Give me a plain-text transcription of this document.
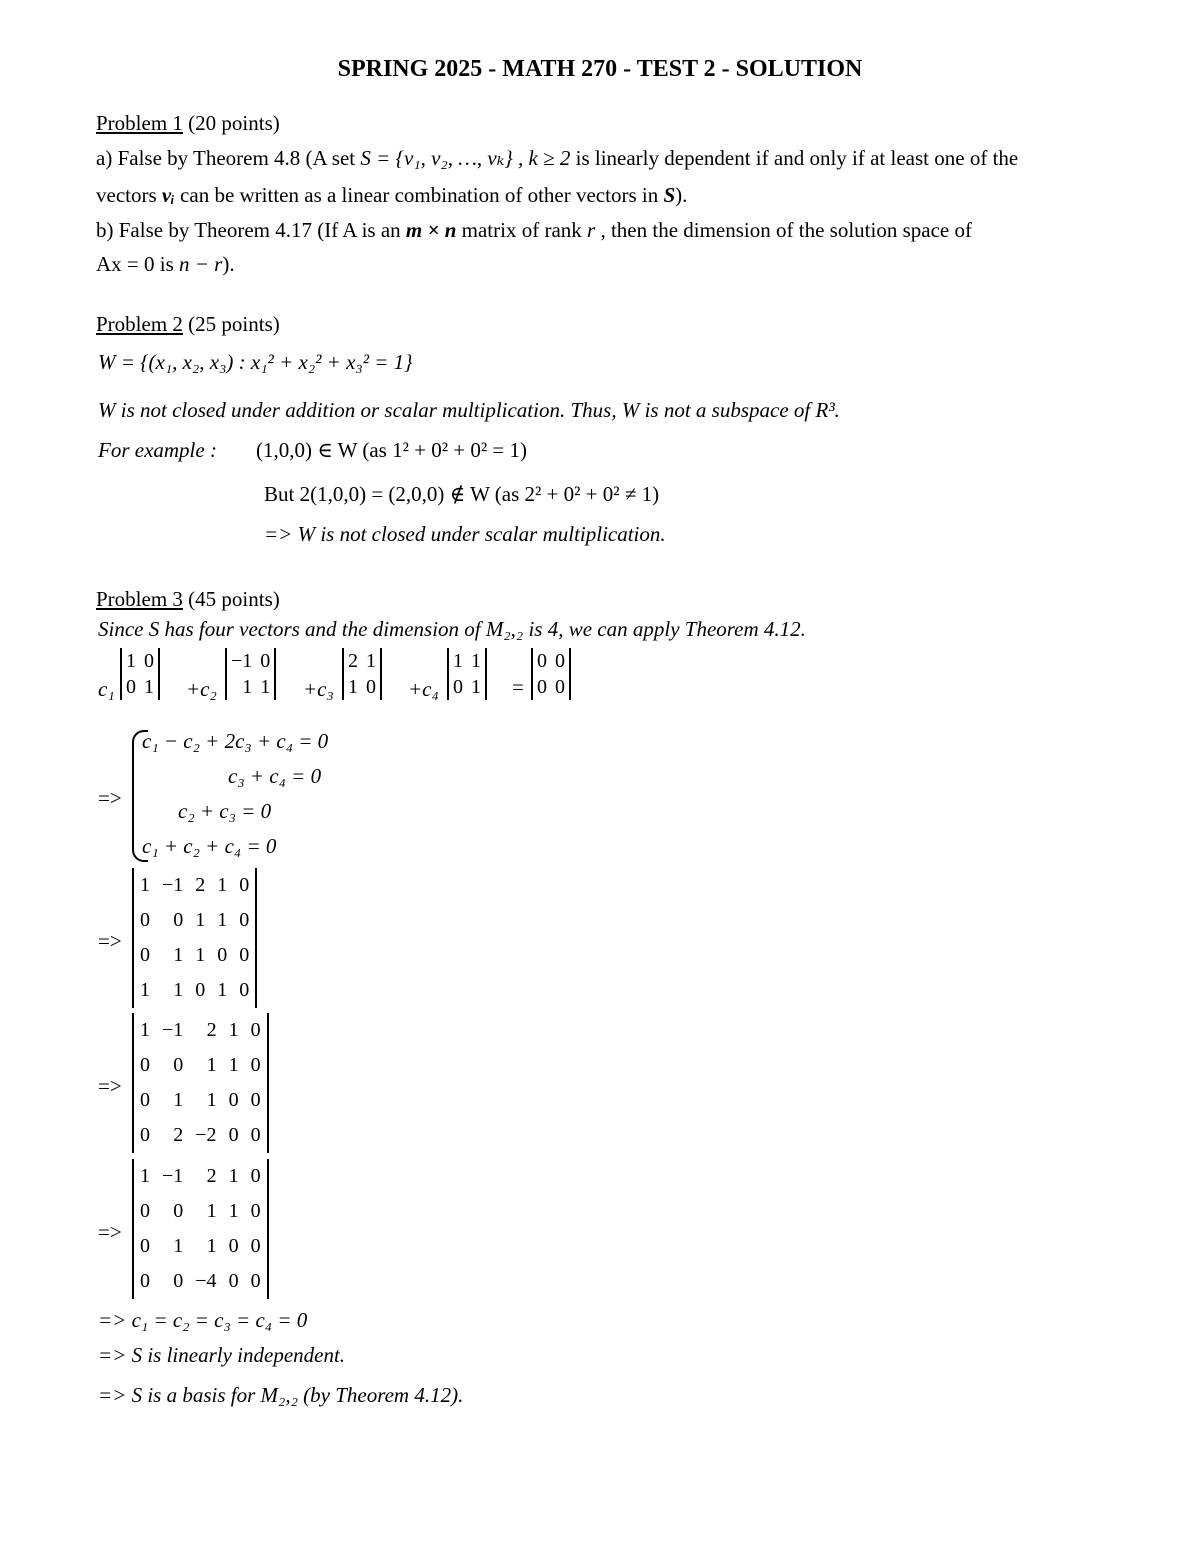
SPRING 2025 - MATH 270 - TEST 2 - SOLUTION
Problem 1 (20 points)
a) False by Theorem 4.8 (A set S = {v₁, v₂, …, vₖ} , k ≥ 2 is linearly dependent if and only if at least one of the
vectors vᵢ can be written as a linear combination of other vectors in S).
b) False by Theorem 4.17 (If A is an m × n matrix of rank r , then the dimension of the solution space of
Ax = 0 is n − r).
Problem 2 (25 points)
W = {(x₁, x₂, x₃) : x₁² + x₂² + x₃² = 1}
W is not closed under addition or scalar multiplication. Thus, W is not a subspace of R³.
For example : (1,0,0) ∈ W (as 1² + 0² + 0² = 1)
But 2(1,0,0) = (2,0,0) ∉ W (as 2² + 0² + 0² ≠ 1)
=> W is not closed under scalar multiplication.
Problem 3 (45 points)
Since S has four vectors and the dimension of M₂,₂ is 4, we can apply Theorem 4.12.
c₁
1	0
0	1 +c₂
−1	0
1	1 +c₃
2	1
1	0 +c₄
1	1
0	1 =
0	0
0	0
=>
c₁ − c₂ + 2c₃ + c₄ = 0
c₃ + c₄ = 0
c₂ + c₃ = 0
c₁ + c₂ + c₄ = 0
=>
1	−1	2	1	0
0	0	1	1	0
0	1	1	0	0
1	1	0	1	0
=>
1	−1	2	1	0
0	0	1	1	0
0	1	1	0	0
0	2	−2	0	0
=>
1	−1	2	1	0
0	0	1	1	0
0	1	1	0	0
0	0	−4	0	0
=> c₁ = c₂ = c₃ = c₄ = 0
=> S is linearly independent.
=> S is a basis for M₂,₂ (by Theorem 4.12).
